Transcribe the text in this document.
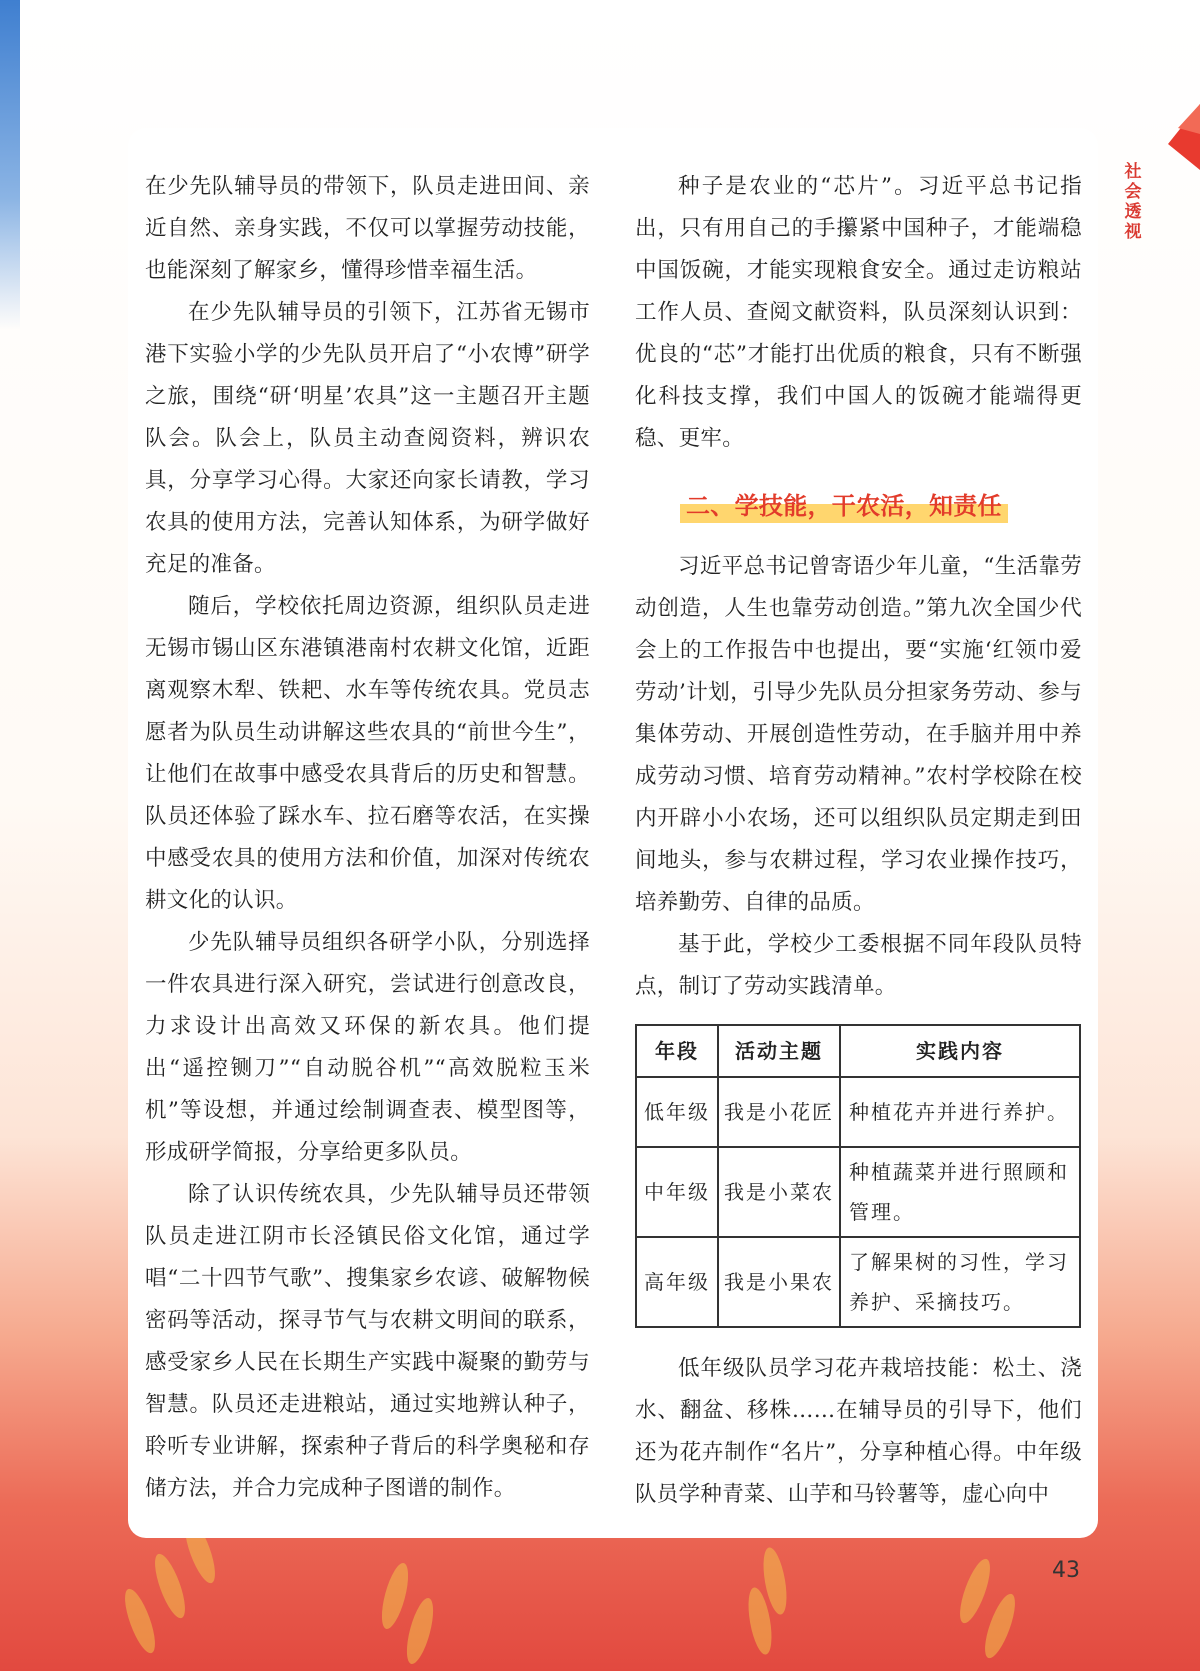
社会透视

在少先队辅导员的带领下，队员走进田间、亲近自然、亲身实践，不仅可以掌握劳动技能，也能深刻了解家乡，懂得珍惜幸福生活。

在少先队辅导员的引领下，江苏省无锡市港下实验小学的少先队员开启了“小农博”研学之旅，围绕“研‘明星’农具”这一主题召开主题队会。队会上，队员主动查阅资料，辨识农具，分享学习心得。大家还向家长请教，学习农具的使用方法，完善认知体系，为研学做好充足的准备。

随后，学校依托周边资源，组织队员走进无锡市锡山区东港镇港南村农耕文化馆，近距离观察木犁、铁耙、水车等传统农具。党员志愿者为队员生动讲解这些农具的“前世今生”，让他们在故事中感受农具背后的历史和智慧。队员还体验了踩水车、拉石磨等农活，在实操中感受农具的使用方法和价值，加深对传统农耕文化的认识。

少先队辅导员组织各研学小队，分别选择一件农具进行深入研究，尝试进行创意改良，力求设计出高效又环保的新农具。他们提出“遥控铡刀”“自动脱谷机”“高效脱粒玉米机”等设想，并通过绘制调查表、模型图等，形成研学简报，分享给更多队员。

除了认识传统农具，少先队辅导员还带领队员走进江阴市长泾镇民俗文化馆，通过学唱“二十四节气歌”、搜集家乡农谚、破解物候密码等活动，探寻节气与农耕文明间的联系，感受家乡人民在长期生产实践中凝聚的勤劳与智慧。队员还走进粮站，通过实地辨认种子，聆听专业讲解，探索种子背后的科学奥秘和存储方法，并合力完成种子图谱的制作。

种子是农业的“芯片”。习近平总书记指出，只有用自己的手攥紧中国种子，才能端稳中国饭碗，才能实现粮食安全。通过走访粮站工作人员、查阅文献资料，队员深刻认识到：优良的“芯”才能打出优质的粮食，只有不断强化科技支撑，我们中国人的饭碗才能端得更稳、更牢。

二、学技能，干农活，知责任

习近平总书记曾寄语少年儿童，“生活靠劳动创造，人生也靠劳动创造。”第九次全国少代会上的工作报告中也提出，要“实施‘红领巾爱劳动’计划，引导少先队员分担家务劳动、参与集体劳动、开展创造性劳动，在手脑并用中养成劳动习惯、培育劳动精神。”农村学校除在校内开辟小小农场，还可以组织队员定期走到田间地头，参与农耕过程，学习农业操作技巧，培养勤劳、自律的品质。

基于此，学校少工委根据不同年段队员特点，制订了劳动实践清单。

年段	活动主题	实践内容
低年级	我是小花匠	种植花卉并进行养护。
中年级	我是小菜农	种植蔬菜并进行照顾和管理。
高年级	我是小果农	了解果树的习性，学习养护、采摘技巧。

低年级队员学习花卉栽培技能：松土、浇水、翻盆、移株……在辅导员的引导下，他们还为花卉制作“名片”，分享种植心得。中年级队员学种青菜、山芋和马铃薯等，虚心向中

43
